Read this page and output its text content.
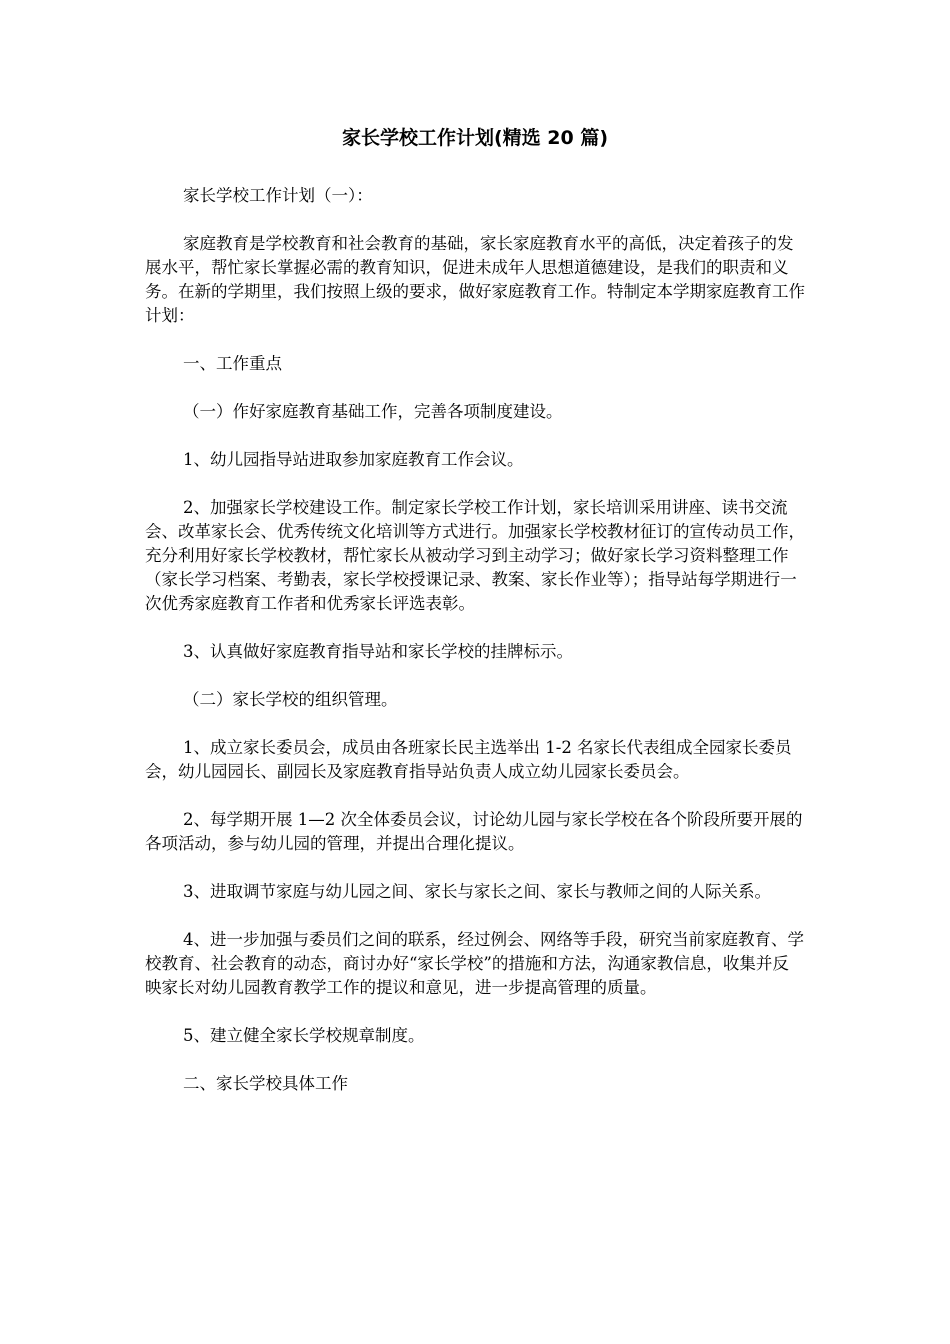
家长学校工作计划(精选 20 篇)

家长学校工作计划（一）：

家庭教育是学校教育和社会教育的基础，家长家庭教育水平的高低，决定着孩子的发展水平，帮忙家长掌握必需的教育知识，促进未成年人思想道德建设，是我们的职责和义务。在新的学期里，我们按照上级的要求，做好家庭教育工作。特制定本学期家庭教育工作计划：

一、工作重点

（一）作好家庭教育基础工作，完善各项制度建设。

1、幼儿园指导站进取参加家庭教育工作会议。

2、加强家长学校建设工作。制定家长学校工作计划，家长培训采用讲座、读书交流会、改革家长会、优秀传统文化培训等方式进行。加强家长学校教材征订的宣传动员工作，充分利用好家长学校教材，帮忙家长从被动学习到主动学习；做好家长学习资料整理工作（家长学习档案、考勤表，家长学校授课记录、教案、家长作业等）；指导站每学期进行一次优秀家庭教育工作者和优秀家长评选表彰。

3、认真做好家庭教育指导站和家长学校的挂牌标示。

（二）家长学校的组织管理。

1、成立家长委员会，成员由各班家长民主选举出 1-2 名家长代表组成全园家长委员会，幼儿园园长、副园长及家庭教育指导站负责人成立幼儿园家长委员会。

2、每学期开展 1—2 次全体委员会议，讨论幼儿园与家长学校在各个阶段所要开展的各项活动，参与幼儿园的管理，并提出合理化提议。

3、进取调节家庭与幼儿园之间、家长与家长之间、家长与教师之间的人际关系。

4、进一步加强与委员们之间的联系，经过例会、网络等手段，研究当前家庭教育、学校教育、社会教育的动态，商讨办好“家长学校”的措施和方法，沟通家教信息，收集并反映家长对幼儿园教育教学工作的提议和意见，进一步提高管理的质量。

5、建立健全家长学校规章制度。

二、家长学校具体工作
